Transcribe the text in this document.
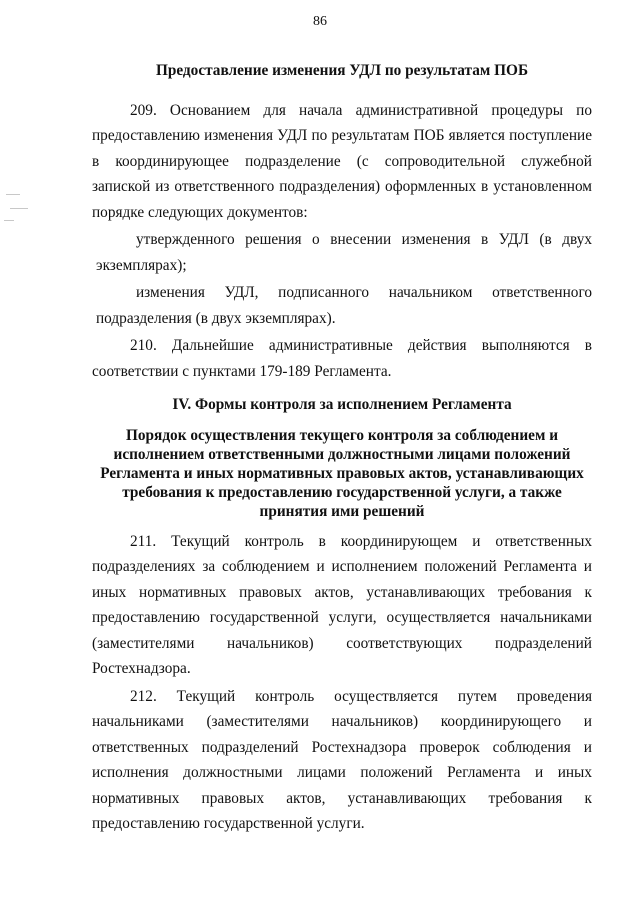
86

Предоставление изменения УДЛ по результатам ПОБ

209. Основанием для начала административной процедуры по предоставлению изменения УДЛ по результатам ПОБ является поступление в координирующее подразделение (с сопроводительной служебной запиской из ответственного подразделения) оформленных в установленном порядке следующих документов:

утвержденного решения о внесении изменения в УДЛ (в двух
экземплярах);

изменения УДЛ, подписанного начальником ответственного
подразделения (в двух экземплярах).

210. Дальнейшие административные действия выполняются в соответствии с пунктами 179-189 Регламента.

IV. Формы контроля за исполнением Регламента

Порядок осуществления текущего контроля за соблюдением и исполнением ответственными должностными лицами положений Регламента и иных нормативных правовых актов, устанавливающих требования к предоставлению государственной услуги, а также принятия ими решений

211. Текущий контроль в координирующем и ответственных подразделениях за соблюдением и исполнением положений Регламента и иных нормативных правовых актов, устанавливающих требования к предоставлению государственной услуги, осуществляется начальниками (заместителями начальников) соответствующих подразделений Ростехнадзора.

212. Текущий контроль осуществляется путем проведения начальниками (заместителями начальников) координирующего и ответственных подразделений Ростехнадзора проверок соблюдения и исполнения должностными лицами положений Регламента и иных нормативных правовых актов, устанавливающих требования к предоставлению государственной услуги.
